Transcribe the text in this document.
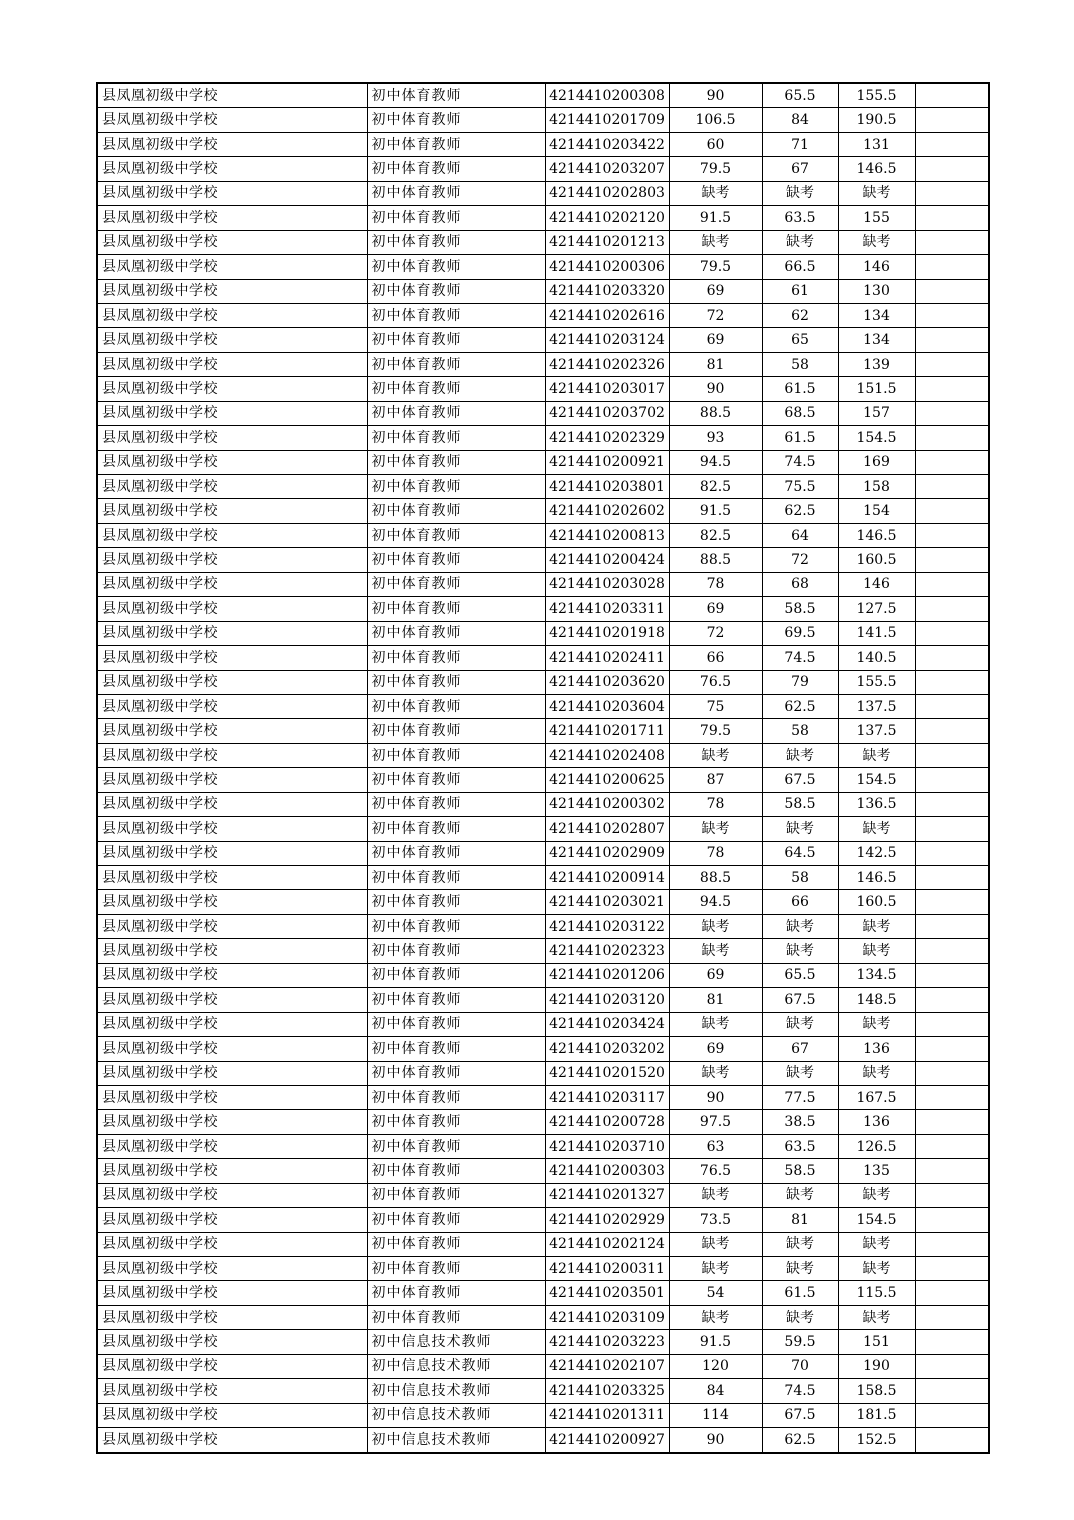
县凤凰初级中学校	初中体育教师	4214410200308	90	65.5	155.5	
县凤凰初级中学校	初中体育教师	4214410201709	106.5	84	190.5	
县凤凰初级中学校	初中体育教师	4214410203422	60	71	131	
县凤凰初级中学校	初中体育教师	4214410203207	79.5	67	146.5	
县凤凰初级中学校	初中体育教师	4214410202803	缺考	缺考	缺考	
县凤凰初级中学校	初中体育教师	4214410202120	91.5	63.5	155	
县凤凰初级中学校	初中体育教师	4214410201213	缺考	缺考	缺考	
县凤凰初级中学校	初中体育教师	4214410200306	79.5	66.5	146	
县凤凰初级中学校	初中体育教师	4214410203320	69	61	130	
县凤凰初级中学校	初中体育教师	4214410202616	72	62	134	
县凤凰初级中学校	初中体育教师	4214410203124	69	65	134	
县凤凰初级中学校	初中体育教师	4214410202326	81	58	139	
县凤凰初级中学校	初中体育教师	4214410203017	90	61.5	151.5	
县凤凰初级中学校	初中体育教师	4214410203702	88.5	68.5	157	
县凤凰初级中学校	初中体育教师	4214410202329	93	61.5	154.5	
县凤凰初级中学校	初中体育教师	4214410200921	94.5	74.5	169	
县凤凰初级中学校	初中体育教师	4214410203801	82.5	75.5	158	
县凤凰初级中学校	初中体育教师	4214410202602	91.5	62.5	154	
县凤凰初级中学校	初中体育教师	4214410200813	82.5	64	146.5	
县凤凰初级中学校	初中体育教师	4214410200424	88.5	72	160.5	
县凤凰初级中学校	初中体育教师	4214410203028	78	68	146	
县凤凰初级中学校	初中体育教师	4214410203311	69	58.5	127.5	
县凤凰初级中学校	初中体育教师	4214410201918	72	69.5	141.5	
县凤凰初级中学校	初中体育教师	4214410202411	66	74.5	140.5	
县凤凰初级中学校	初中体育教师	4214410203620	76.5	79	155.5	
县凤凰初级中学校	初中体育教师	4214410203604	75	62.5	137.5	
县凤凰初级中学校	初中体育教师	4214410201711	79.5	58	137.5	
县凤凰初级中学校	初中体育教师	4214410202408	缺考	缺考	缺考	
县凤凰初级中学校	初中体育教师	4214410200625	87	67.5	154.5	
县凤凰初级中学校	初中体育教师	4214410200302	78	58.5	136.5	
县凤凰初级中学校	初中体育教师	4214410202807	缺考	缺考	缺考	
县凤凰初级中学校	初中体育教师	4214410202909	78	64.5	142.5	
县凤凰初级中学校	初中体育教师	4214410200914	88.5	58	146.5	
县凤凰初级中学校	初中体育教师	4214410203021	94.5	66	160.5	
县凤凰初级中学校	初中体育教师	4214410203122	缺考	缺考	缺考	
县凤凰初级中学校	初中体育教师	4214410202323	缺考	缺考	缺考	
县凤凰初级中学校	初中体育教师	4214410201206	69	65.5	134.5	
县凤凰初级中学校	初中体育教师	4214410203120	81	67.5	148.5	
县凤凰初级中学校	初中体育教师	4214410203424	缺考	缺考	缺考	
县凤凰初级中学校	初中体育教师	4214410203202	69	67	136	
县凤凰初级中学校	初中体育教师	4214410201520	缺考	缺考	缺考	
县凤凰初级中学校	初中体育教师	4214410203117	90	77.5	167.5	
县凤凰初级中学校	初中体育教师	4214410200728	97.5	38.5	136	
县凤凰初级中学校	初中体育教师	4214410203710	63	63.5	126.5	
县凤凰初级中学校	初中体育教师	4214410200303	76.5	58.5	135	
县凤凰初级中学校	初中体育教师	4214410201327	缺考	缺考	缺考	
县凤凰初级中学校	初中体育教师	4214410202929	73.5	81	154.5	
县凤凰初级中学校	初中体育教师	4214410202124	缺考	缺考	缺考	
县凤凰初级中学校	初中体育教师	4214410200311	缺考	缺考	缺考	
县凤凰初级中学校	初中体育教师	4214410203501	54	61.5	115.5	
县凤凰初级中学校	初中体育教师	4214410203109	缺考	缺考	缺考	
县凤凰初级中学校	初中信息技术教师	4214410203223	91.5	59.5	151	
县凤凰初级中学校	初中信息技术教师	4214410202107	120	70	190	
县凤凰初级中学校	初中信息技术教师	4214410203325	84	74.5	158.5	
县凤凰初级中学校	初中信息技术教师	4214410201311	114	67.5	181.5	
县凤凰初级中学校	初中信息技术教师	4214410200927	90	62.5	152.5	
